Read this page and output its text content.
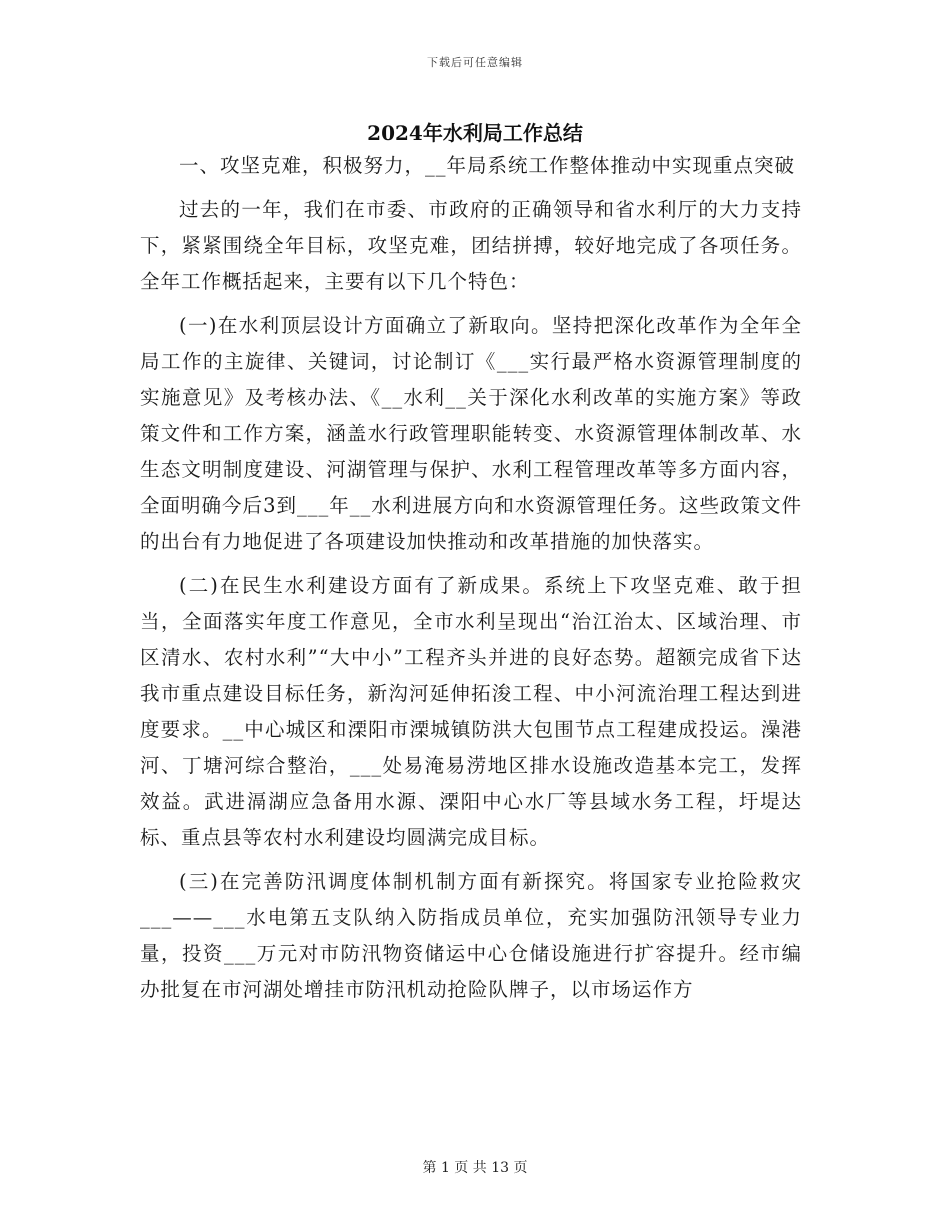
下载后可任意编辑
2024年水利局工作总结

一、攻坚克难，积极努力，__年局系统工作整体推动中实现重点突破

过去的一年，我们在市委、市政府的正确领导和省水利厅的大力支持下，紧紧围绕全年目标，攻坚克难，团结拼搏，较好地完成了各项任务。全年工作概括起来，主要有以下几个特色：

(一)在水利顶层设计方面确立了新取向。坚持把深化改革作为全年全局工作的主旋律、关键词，讨论制订《___实行最严格水资源管理制度的实施意见》及考核办法、《__水利__关于深化水利改革的实施方案》等政策文件和工作方案，涵盖水行政管理职能转变、水资源管理体制改革、水生态文明制度建设、河湖管理与保护、水利工程管理改革等多方面内容，全面明确今后3到___年__水利进展方向和水资源管理任务。这些政策文件的出台有力地促进了各项建设加快推动和改革措施的加快落实。

(二)在民生水利建设方面有了新成果。系统上下攻坚克难、敢于担当，全面落实年度工作意见，全市水利呈现出“治江治太、区域治理、市区清水、农村水利”“大中小”工程齐头并进的良好态势。超额完成省下达我市重点建设目标任务，新沟河延伸拓浚工程、中小河流治理工程达到进度要求。__中心城区和溧阳市溧城镇防洪大包围节点工程建成投运。澡港河、丁塘河综合整治，___处易淹易涝地区排水设施改造基本完工，发挥效益。武进滆湖应急备用水源、溧阳中心水厂等县域水务工程，圩堤达标、重点县等农村水利建设均圆满完成目标。

(三)在完善防汛调度体制机制方面有新探究。将国家专业抢险救灾___——___水电第五支队纳入防指成员单位，充实加强防汛领导专业力量，投资___万元对市防汛物资储运中心仓储设施进行扩容提升。经市编办批复在市河湖处增挂市防汛机动抢险队牌子，以市场运作方

第 1 页 共 13 页
